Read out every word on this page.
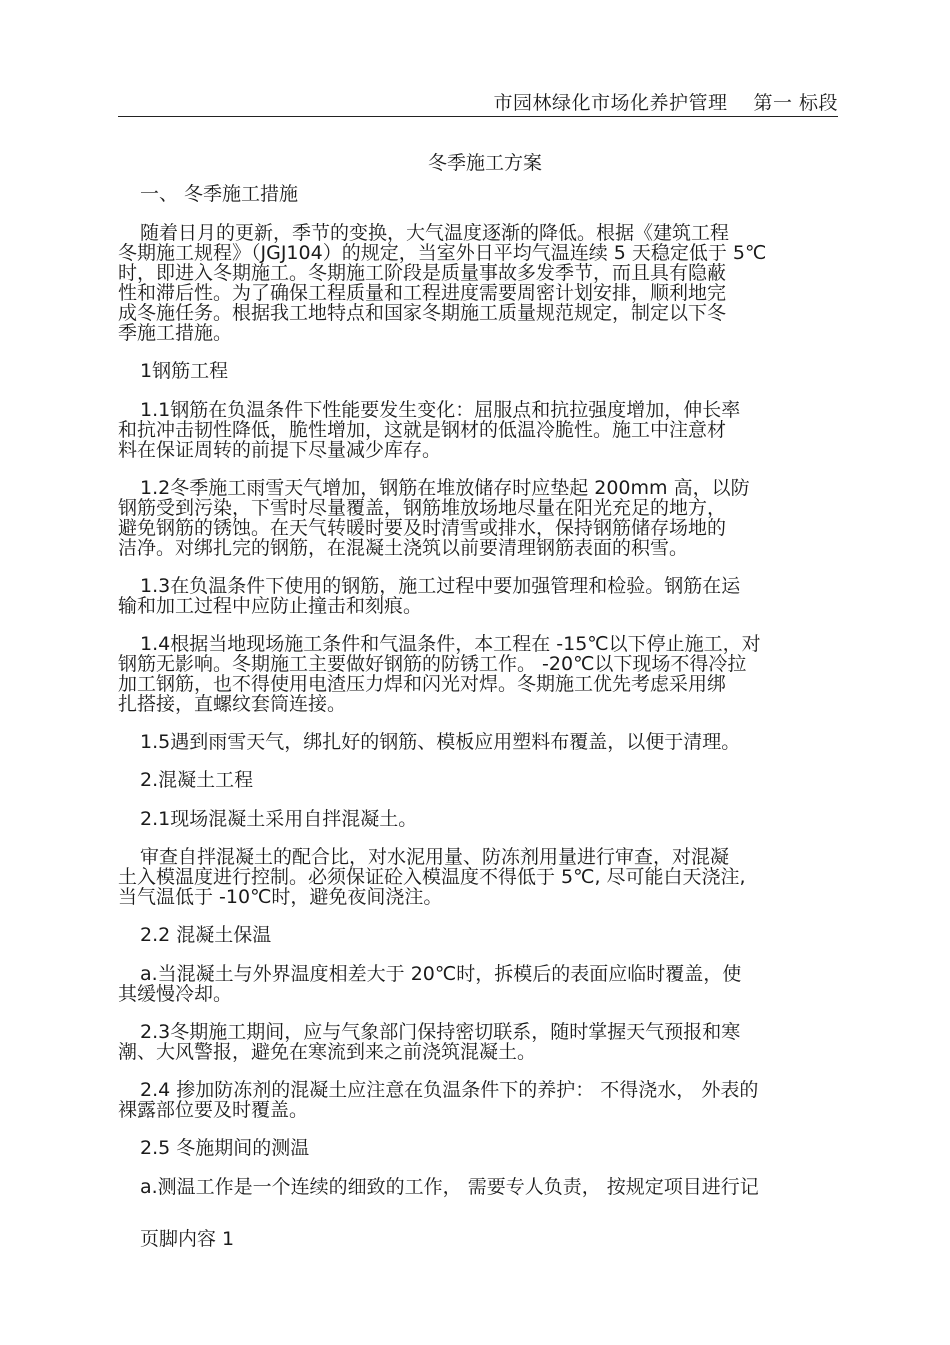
市园林绿化市场化养护管理 第一 标段
冬季施工方案

一、 冬季施工措施

随着日月的更新，季节的变换，大气温度逐渐的降低。根据《建筑工程
冬期施工规程》（JGJ104）的规定，当室外日平均气温连续 5 天稳定低于 5℃
时，即进入冬期施工。冬期施工阶段是质量事故多发季节，而且具有隐蔽
性和滞后性。为了确保工程质量和工程进度需要周密计划安排，顺利地完
成冬施任务。根据我工地特点和国家冬期施工质量规范规定，制定以下冬
季施工措施。

1钢筋工程

1.1钢筋在负温条件下性能要发生变化：屈服点和抗拉强度增加，伸长率
和抗冲击韧性降低，脆性增加，这就是钢材的低温冷脆性。施工中注意材
料在保证周转的前提下尽量减少库存。

1.2冬季施工雨雪天气增加，钢筋在堆放储存时应垫起 200mm 高，以防
钢筋受到污染，下雪时尽量覆盖，钢筋堆放场地尽量在阳光充足的地方，
避免钢筋的锈蚀。在天气转暖时要及时清雪或排水，保持钢筋储存场地的
洁净。对绑扎完的钢筋，在混凝土浇筑以前要清理钢筋表面的积雪。

1.3在负温条件下使用的钢筋，施工过程中要加强管理和检验。钢筋在运
输和加工过程中应防止撞击和刻痕。

1.4根据当地现场施工条件和气温条件，本工程在 -15℃以下停止施工，对
钢筋无影响。冬期施工主要做好钢筋的防锈工作。 -20℃以下现场不得冷拉
加工钢筋，也不得使用电渣压力焊和闪光对焊。冬期施工优先考虑采用绑
扎搭接，直螺纹套筒连接。

1.5遇到雨雪天气，绑扎好的钢筋、模板应用塑料布覆盖，以便于清理。

2.混凝土工程

2.1现场混凝土采用自拌混凝土。

审查自拌混凝土的配合比，对水泥用量、防冻剂用量进行审查，对混凝
土入模温度进行控制。必须保证砼入模温度不得低于 5℃, 尽可能白天浇注,
当气温低于 -10℃时，避免夜间浇注。

2.2 混凝土保温

a.当混凝土与外界温度相差大于 20℃时，拆模后的表面应临时覆盖，使
其缓慢冷却。

2.3冬期施工期间，应与气象部门保持密切联系，随时掌握天气预报和寒
潮、大风警报，避免在寒流到来之前浇筑混凝土。

2.4 掺加防冻剂的混凝土应注意在负温条件下的养护： 不得浇水， 外表的
裸露部位要及时覆盖。

2.5 冬施期间的测温

a.测温工作是一个连续的细致的工作， 需要专人负责， 按规定项目进行记

页脚内容 1
